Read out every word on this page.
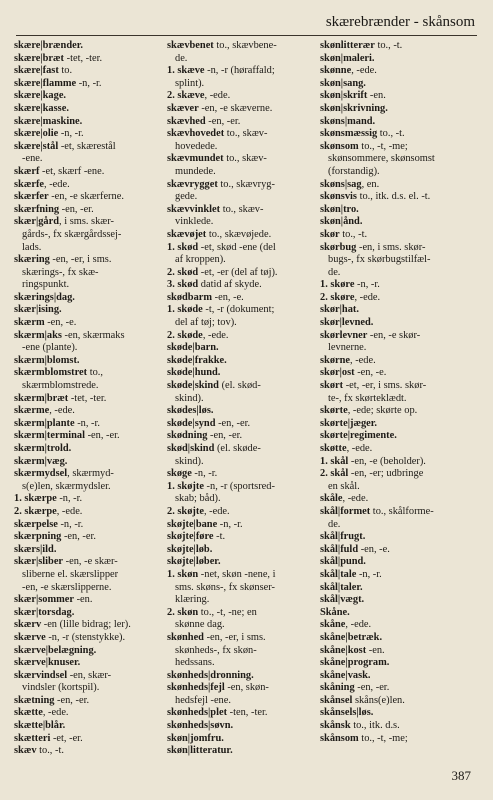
skærebrænder - skånsom
skære|brænder.
skære|bræt -tet, -ter.
skære|fast to.
skære|flamme -n, -r.
skære|kage.
skære|kasse.
skære|maskine.
skære|olie -n, -r.
skære|stål -et, skærestål
-ene.
skærf -et, skærf -ene.
skærfe, -ede.
skærfer -en, -e skærferne.
skærfning -en, -er.
skær|gård, i sms. skær-
gårds-, fx skærgårdssej-
lads.
skæring -en, -er, i sms.
skærings-, fx skæ-
ringspunkt.
skærings|dag.
skær|ising.
skærm -en, -e.
skærm|aks -en, skærmaks
-ene (plante).
skærm|blomst.
skærmblomstret to.,
skærmblomstrede.
skærm|bræt -tet, -ter.
skærme, -ede.
skærm|plante -n, -r.
skærm|terminal -en, -er.
skærm|trold.
skærm|væg.
skærmydsel, skærmyd-
s(e)len, skærmydsler.
1. skærpe -n, -r.
2. skærpe, -ede.
skærpelse -n, -r.
skærpning -en, -er.
skærs|ild.
skær|sliber -en, -e skær-
sliberne el. skærslipper
-en, -e skærslipperne.
skær|sommer -en.
skær|torsdag.
skærv -en (lille bidrag; ler).
skærve -n, -r (stenstykke).
skærve|belægning.
skærve|knuser.
skærvindsel -en, skær-
vindsler (kortspil).
skætning -en, -er.
skætte, -ede.
skætte|blår.
skætteri -et, -er.
skæv to., -t.
skævbenet to., skævbene-
de.
1. skæve -n, -r (høraffald;
splint).
2. skæve, -ede.
skæver -en, -e skæverne.
skævhed -en, -er.
skævhovedet to., skæv-
hovedede.
skævmundet to., skæv-
mundede.
skævrygget to., skævryg-
gede.
skævvinklet to., skæv-
vinklede.
skævøjet to., skævøjede.
1. skød -et, skød -ene (del
af kroppen).
2. skød -et, -er (del af tøj).
3. skød datid af skyde.
skødbarm -en, -e.
1. skøde -t, -r (dokument;
del af tøj; tov).
2. skøde, -ede.
skøde|barn.
skøde|frakke.
skøde|hund.
skøde|skind (el. skød-
skind).
skødes|løs.
skøde|synd -en, -er.
skødning -en, -er.
skød|skind (el. skøde-
skind).
skøge -n, -r.
1. skøjte -n, -r (sportsred-
skab; båd).
2. skøjte, -ede.
skøjte|bane -n, -r.
skøjte|føre -t.
skøjte|løb.
skøjte|løber.
1. skøn -net, skøn -nene, i
sms. skøns-, fx skønser-
klæring.
2. skøn to., -t, -ne; en
skønne dag.
skønhed -en, -er, i sms.
skønheds-, fx skøn-
hedssans.
skønheds|dronning.
skønheds|fejl -en, skøn-
hedsfejl -ene.
skønheds|plet -ten, -ter.
skønheds|søvn.
skøn|jomfru.
skøn|litteratur.
skønlitterær to., -t.
skøn|maleri.
skønne, -ede.
skøn|sang.
skøn|skrift -en.
skøn|skrivning.
skøns|mand.
skønsmæssig to., -t.
skønsom to., -t, -me;
skønsommere, skønsomst
(forstandig).
skøns|sag, en.
skønsvis to., itk. d.s. el. -t.
skøn|tro.
skøn|ånd.
skør to., -t.
skørbug -en, i sms. skør-
bugs-, fx skørbugstilfæl-
de.
1. skøre -n, -r.
2. skøre, -ede.
skør|hat.
skør|levned.
skørlevner -en, -e skør-
levnerne.
skørne, -ede.
skør|ost -en, -e.
skørt -et, -er, i sms. skør-
te-, fx skørteklædt.
skørte, -ede; skørte op.
skørte|jæger.
skørte|regimente.
skøtte, -ede.
1. skål -en, -e (beholder).
2. skål -en, -er; udbringe
en skål.
skåle, -ede.
skål|formet to., skålforme-
de.
skål|frugt.
skål|fuld -en, -e.
skål|pund.
skål|tale -n, -r.
skål|taler.
skål|vægt.
Skåne.
skåne, -ede.
skåne|betræk.
skåne|kost -en.
skåne|program.
skåne|vask.
skåning -en, -er.
skånsel skåns(e)len.
skånsels|løs.
skånsk to., itk. d.s.
skånsom to., -t, -me;
387
